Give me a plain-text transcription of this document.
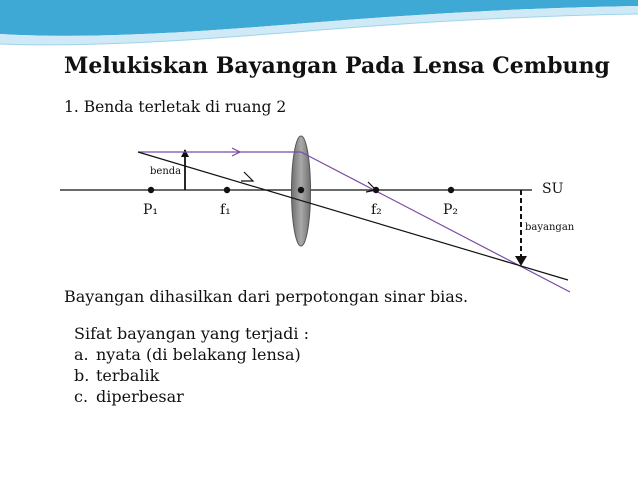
Melukiskan Bayangan Pada Lensa Cembung
1. Benda terletak di ruang 2
benda
bayangan
SU
P₁	f₁	f₂	P₂
Bayangan dihasilkan dari perpotongan sinar bias.
Sifat bayangan yang terjadi :
a. nyata (di belakang lensa)
b. terbalik
c. diperbesar
